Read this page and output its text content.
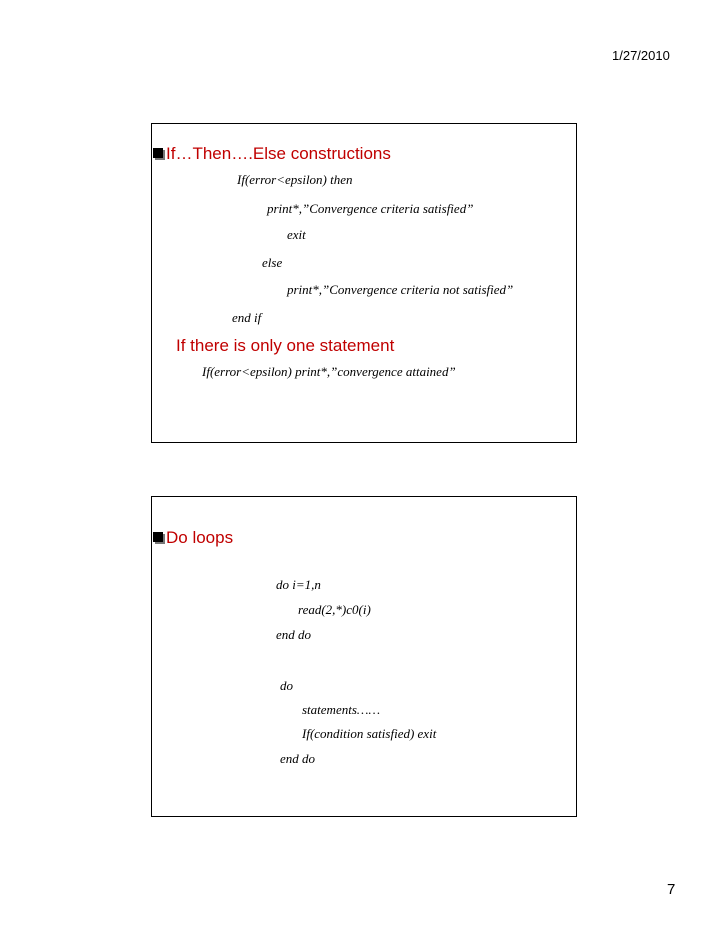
1/27/2010
If…Then….Else constructions
If(error<epsilon) then
print*,”Convergence criteria satisfied”
exit
else
print*,”Convergence criteria not satisfied”
end if
If there is only one statement
If(error<epsilon) print*,”convergence attained”
Do loops
do i=1,n
read(2,*)c0(i)
end do
do
statements……
If(condition satisfied) exit
end do
7
